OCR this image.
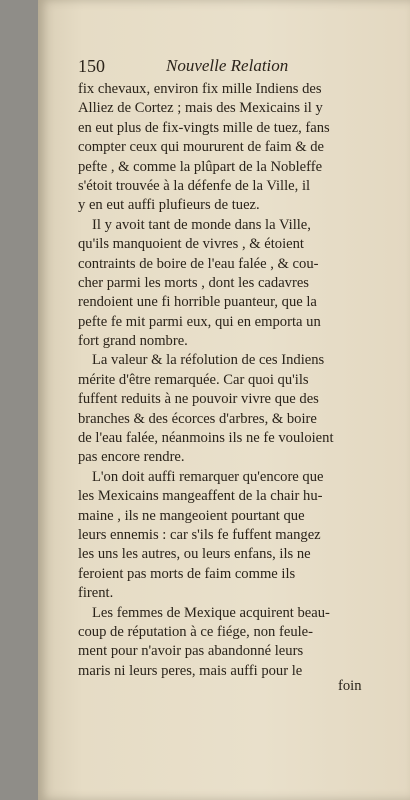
150	Nouvelle Relation
fix chevaux, environ fix mille Indiens des
Alliez de Cortez ; mais des Mexicains il y
en eut plus de fix-vingts mille de tuez, fans
compter ceux qui moururent de faim & de
pefte , & comme la plûpart de la Nobleffe
s'étoit trouvée à la défenfe de la Ville, il
y en eut auffi plufieurs de tuez.
Il y avoit tant de monde dans la Ville,
qu'ils manquoient de vivres , & étoient
contraints de boire de l'eau falée , & cou-
cher parmi les morts , dont les cadavres
rendoient une fi horrible puanteur, que la
pefte fe mit parmi eux, qui en emporta un
fort grand nombre.
La valeur & la réfolution de ces Indiens
mérite d'être remarquée. Car quoi qu'ils
fuffent reduits à ne pouvoir vivre que des
branches & des écorces d'arbres, & boire
de l'eau falée, néanmoins ils ne fe vouloient
pas encore rendre.
L'on doit auffi remarquer qu'encore que
les Mexicains mangeaffent de la chair hu-
maine , ils ne mangeoient pourtant que
leurs ennemis : car s'ils fe fuffent mangez
les uns les autres, ou leurs enfans, ils ne
feroient pas morts de faim comme ils
firent.
Les femmes de Mexique acquirent beau-
coup de réputation à ce fiége, non feule-
ment pour n'avoir pas abandonné leurs
maris ni leurs peres, mais auffi pour le
foin
